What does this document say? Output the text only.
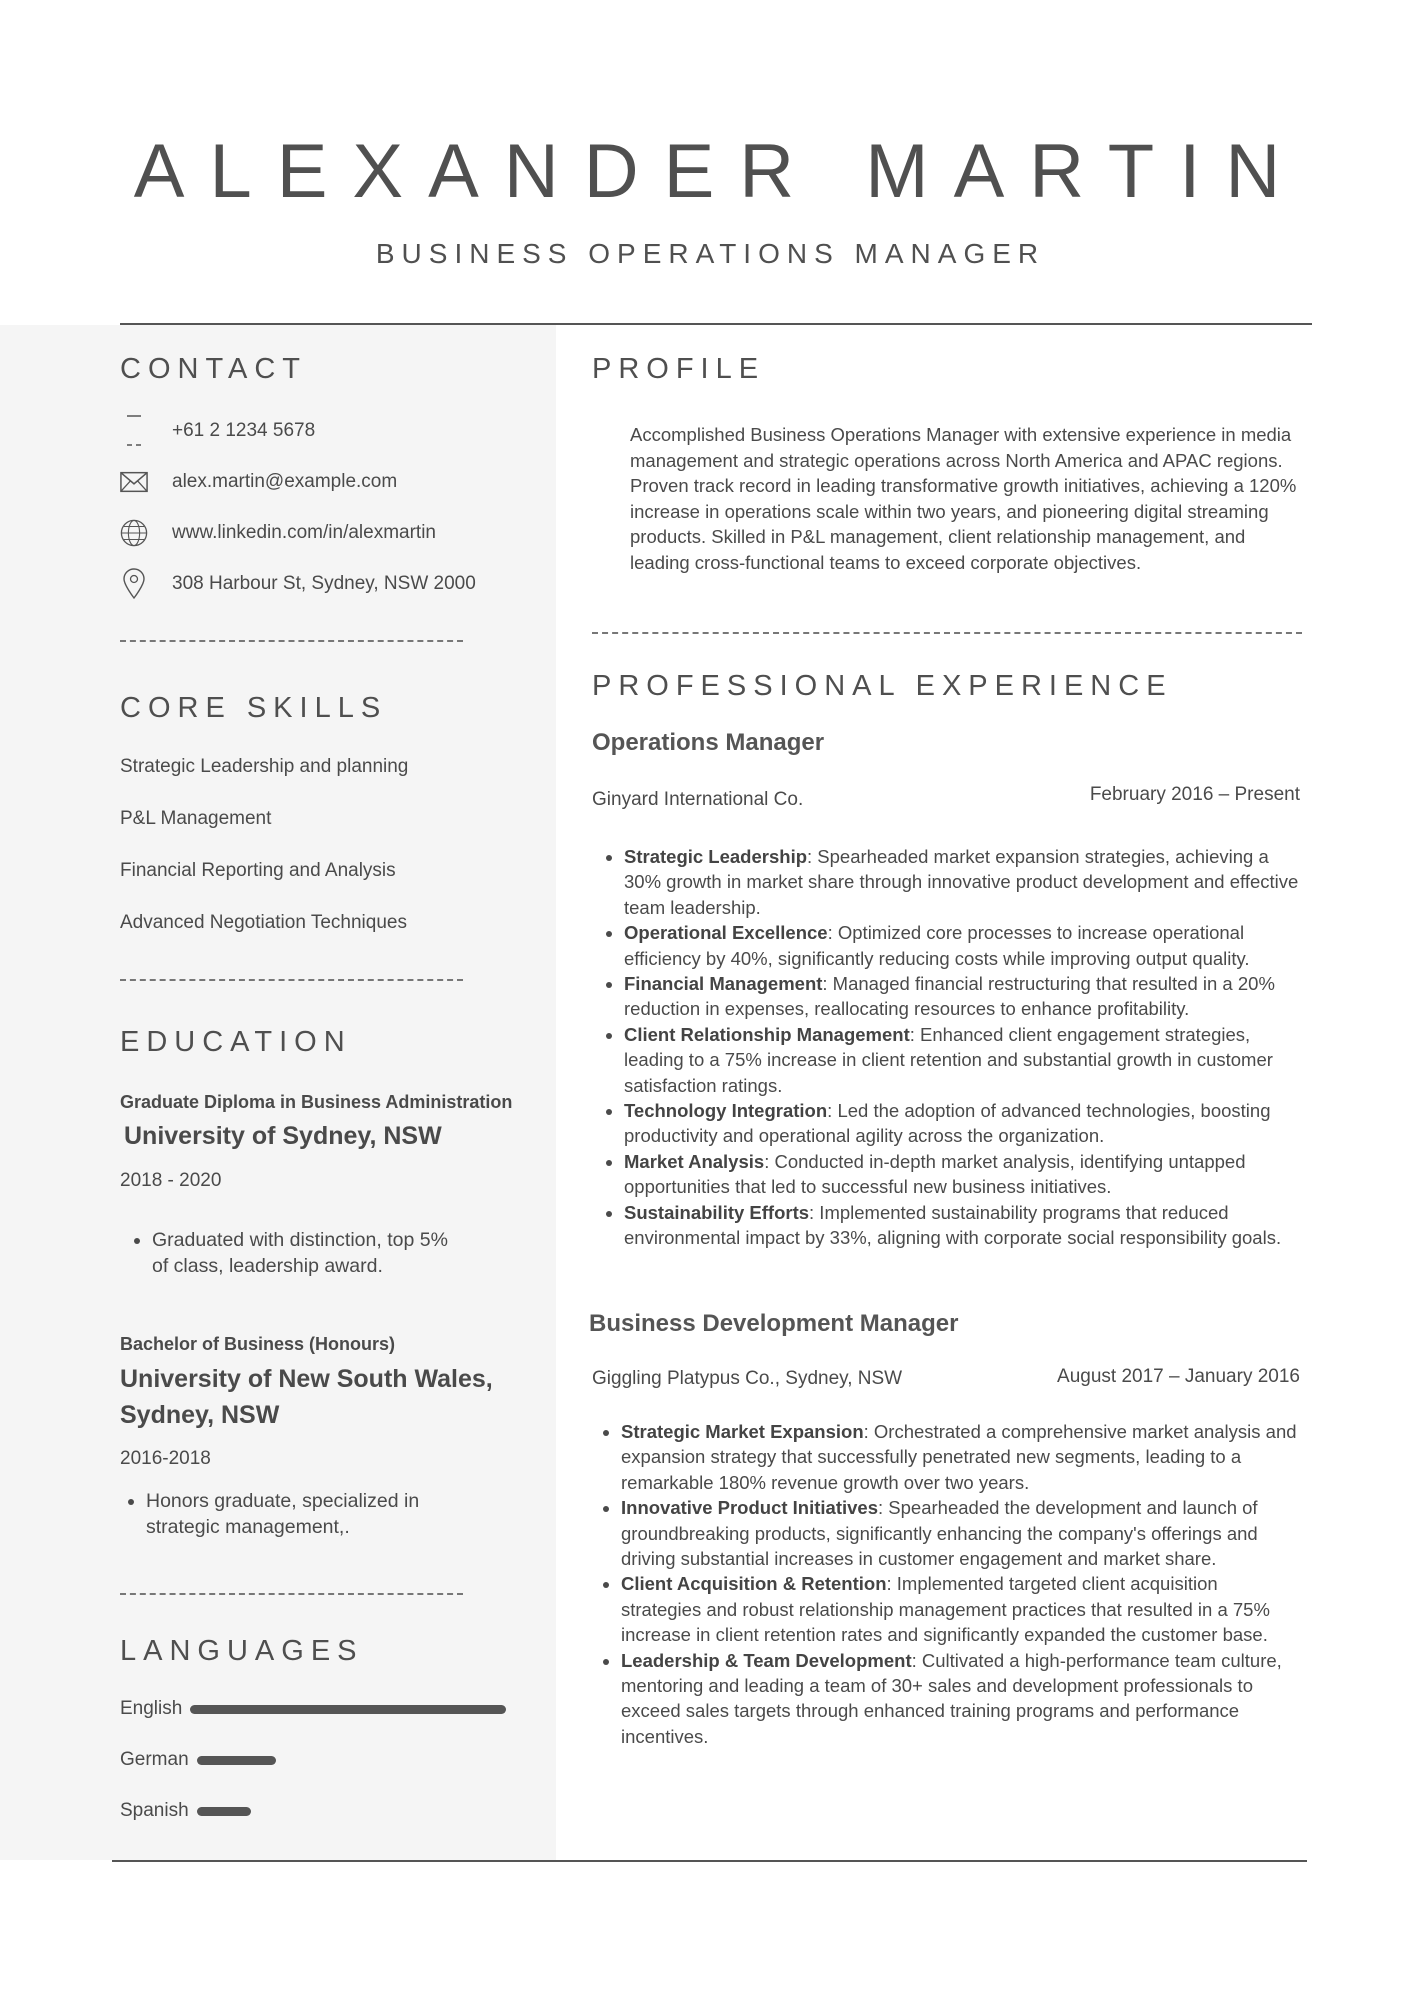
ALEXANDER MARTIN
BUSINESS OPERATIONS MANAGER
CONTACT
+61 2 1234 5678
alex.martin@example.com
www.linkedin.com/in/alexmartin
308 Harbour St, Sydney, NSW 2000
CORE SKILLS
Strategic Leadership and planning
P&L Management
Financial Reporting and Analysis
Advanced Negotiation Techniques
EDUCATION
Graduate Diploma in Business Administration
University of Sydney, NSW
2018 - 2020
• Graduated with distinction, top 5% of class, leadership award.
Bachelor of Business (Honours)
University of New South Wales, Sydney, NSW
2016-2018
• Honors graduate, specialized in strategic management,.
LANGUAGES
English
German
Spanish
PROFILE
Accomplished Business Operations Manager with extensive experience in media management and strategic operations across North America and APAC regions. Proven track record in leading transformative growth initiatives, achieving a 120% increase in operations scale within two years, and pioneering digital streaming products. Skilled in P&L management, client relationship management, and leading cross-functional teams to exceed corporate objectives.
PROFESSIONAL EXPERIENCE
Operations Manager
Ginyard International Co.	February 2016 – Present
• Strategic Leadership: Spearheaded market expansion strategies, achieving a 30% growth in market share through innovative product development and effective team leadership.
• Operational Excellence: Optimized core processes to increase operational efficiency by 40%, significantly reducing costs while improving output quality.
• Financial Management: Managed financial restructuring that resulted in a 20% reduction in expenses, reallocating resources to enhance profitability.
• Client Relationship Management: Enhanced client engagement strategies, leading to a 75% increase in client retention and substantial growth in customer satisfaction ratings.
• Technology Integration: Led the adoption of advanced technologies, boosting productivity and operational agility across the organization.
• Market Analysis: Conducted in-depth market analysis, identifying untapped opportunities that led to successful new business initiatives.
• Sustainability Efforts: Implemented sustainability programs that reduced environmental impact by 33%, aligning with corporate social responsibility goals.
Business Development Manager
Giggling Platypus Co., Sydney, NSW	August 2017 – January 2016
• Strategic Market Expansion: Orchestrated a comprehensive market analysis and expansion strategy that successfully penetrated new segments, leading to a remarkable 180% revenue growth over two years.
• Innovative Product Initiatives: Spearheaded the development and launch of groundbreaking products, significantly enhancing the company's offerings and driving substantial increases in customer engagement and market share.
• Client Acquisition & Retention: Implemented targeted client acquisition strategies and robust relationship management practices that resulted in a 75% increase in client retention rates and significantly expanded the customer base.
• Leadership & Team Development: Cultivated a high-performance team culture, mentoring and leading a team of 30+ sales and development professionals to exceed sales targets through enhanced training programs and performance incentives.
